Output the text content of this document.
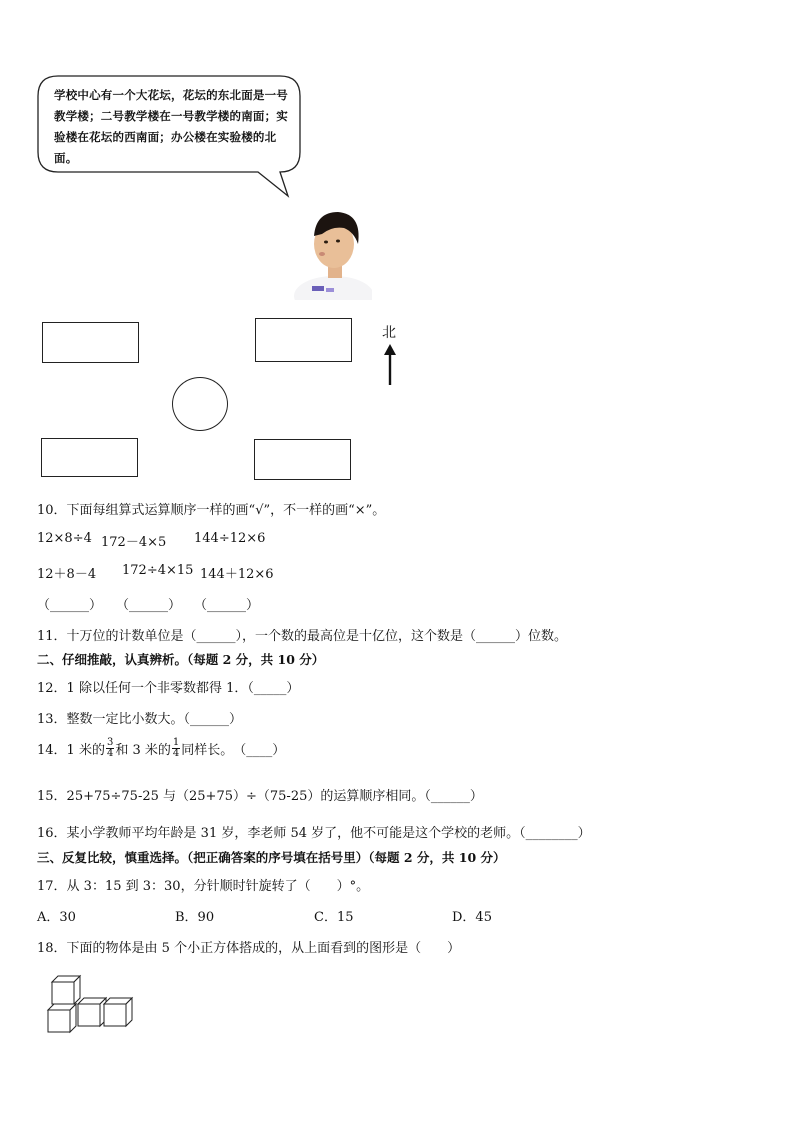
学校中心有一个大花坛，花坛的东北面是一号教学楼；二号教学楼在一号教学楼的南面；实验楼在花坛的西南面；办公楼在实验楼的北面。
北
10．下面每组算式运算顺序一样的画“√”，不一样的画“×”。
12×8÷4 172－4×5 144÷12×6
12＋8－4 172÷4×15 144＋12×6
（______） （______） （______）
11．十万位的计数单位是（______），一个数的最高位是十亿位，这个数是（______）位数。
二、仔细推敲，认真辨析。（每题 2 分，共 10 分）
12．1 除以任何一个非零数都得 1．（_____）
13．整数一定比小数大。（______）
14．1 米的 $\frac{3}{4}$ 和 3 米的 $\frac{1}{4}$ 同样长。　（____）
15．25+75÷75-25 与（25+75）÷（75-25）的运算顺序相同。（______）
16．某小学教师平均年龄是 31 岁，李老师 54 岁了，他不可能是这个学校的老师。（________）
三、反复比较，慎重选择。（把正确答案的序号填在括号里）（每题 2 分，共 10 分）
17．从 3：15 到 3：30，分针顺时针旋转了（　　）°。
A．30	B．90	C．15	D．45
18．下面的物体是由 5 个小正方体搭成的，从上面看到的图形是（　　）
